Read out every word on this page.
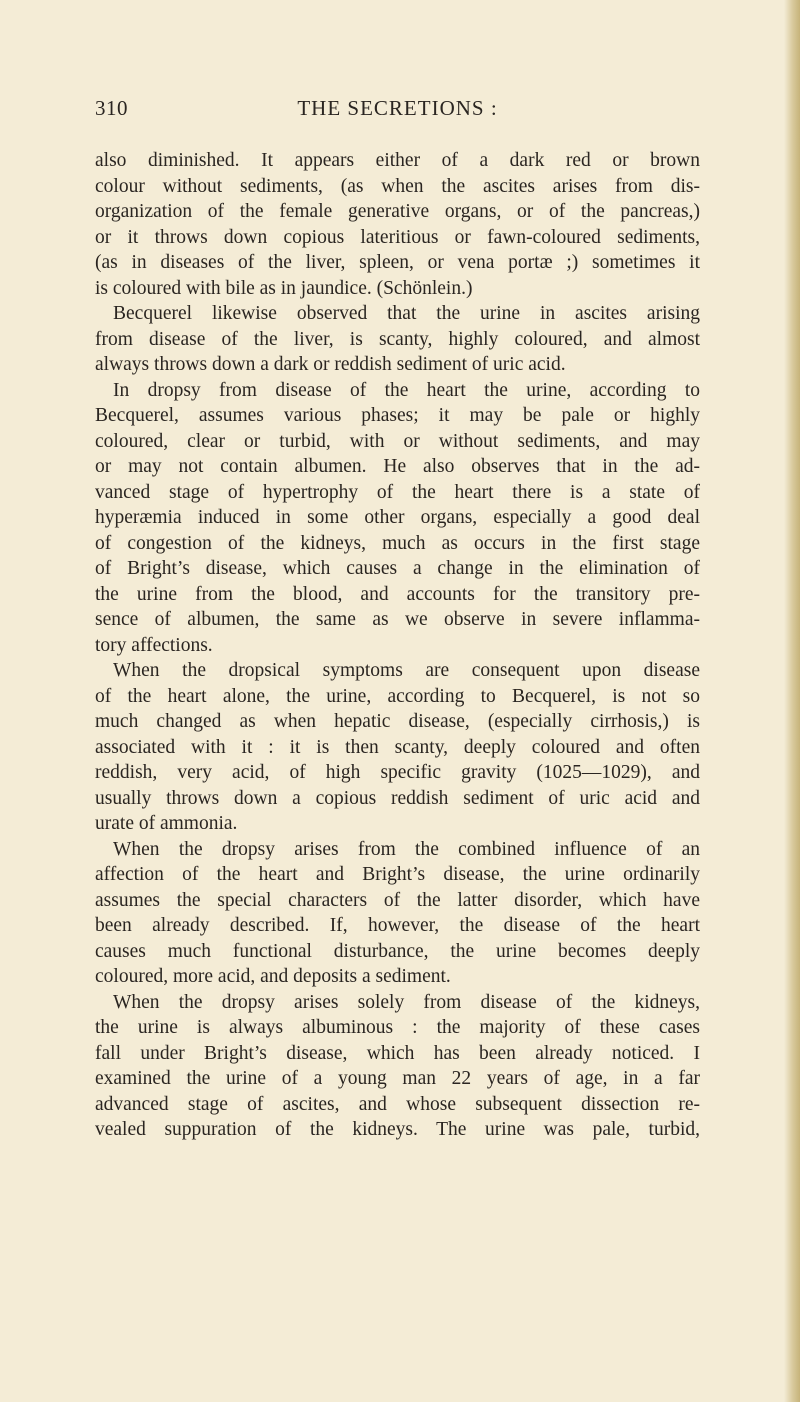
310	THE SECRETIONS :
also diminished. It appears either of a dark red or brown
colour without sediments, (as when the ascites arises from dis-
organization of the female generative organs, or of the pancreas,)
or it throws down copious lateritious or fawn-coloured sediments,
(as in diseases of the liver, spleen, or vena portæ ;) sometimes it
is coloured with bile as in jaundice. (Schönlein.)
Becquerel likewise observed that the urine in ascites arising
from disease of the liver, is scanty, highly coloured, and almost
always throws down a dark or reddish sediment of uric acid.
In dropsy from disease of the heart the urine, according to
Becquerel, assumes various phases; it may be pale or highly
coloured, clear or turbid, with or without sediments, and may
or may not contain albumen. He also observes that in the ad-
vanced stage of hypertrophy of the heart there is a state of
hyperæmia induced in some other organs, especially a good deal
of congestion of the kidneys, much as occurs in the first stage
of Bright’s disease, which causes a change in the elimination of
the urine from the blood, and accounts for the transitory pre-
sence of albumen, the same as we observe in severe inflamma-
tory affections.
When the dropsical symptoms are consequent upon disease
of the heart alone, the urine, according to Becquerel, is not so
much changed as when hepatic disease, (especially cirrhosis,) is
associated with it : it is then scanty, deeply coloured and often
reddish, very acid, of high specific gravity (1025—1029), and
usually throws down a copious reddish sediment of uric acid and
urate of ammonia.
When the dropsy arises from the combined influence of an
affection of the heart and Bright’s disease, the urine ordinarily
assumes the special characters of the latter disorder, which have
been already described. If, however, the disease of the heart
causes much functional disturbance, the urine becomes deeply
coloured, more acid, and deposits a sediment.
When the dropsy arises solely from disease of the kidneys,
the urine is always albuminous : the majority of these cases
fall under Bright’s disease, which has been already noticed. I
examined the urine of a young man 22 years of age, in a far
advanced stage of ascites, and whose subsequent dissection re-
vealed suppuration of the kidneys. The urine was pale, turbid,
